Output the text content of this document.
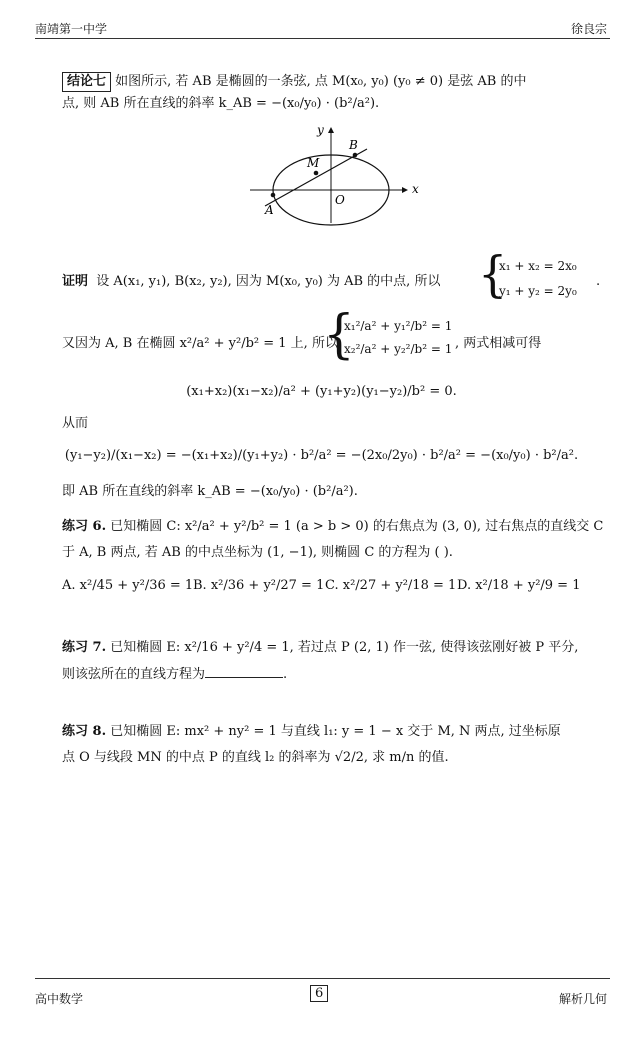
南靖第一中学	徐良宗
结论七 如图所示, 若 AB 是椭圆的一条弦, 点 M(x₀, y₀) (y₀ ≠ 0) 是弦 AB 的中
点, 则 AB 所在直线的斜率 k_AB = −(x₀/y₀) · (b²/a²).
x
y
B
M
A
O
证明 设 A(x₁, y₁), B(x₂, y₂), 因为 M(x₀, y₀) 为 AB 的中点, 所以 {
x₁ + x₂ = 2x₀
y₁ + y₂ = 2y₀
.
又因为 A, B 在椭圆 x²/a² + y²/b² = 1 上, 所以
{
x₁²/a² + y₁²/b² = 1
x₂²/a² + y₂²/b² = 1 , 两式相减可得
(x₁+x₂)(x₁−x₂)/a² + (y₁+y₂)(y₁−y₂)/b² = 0.
从而
(y₁−y₂)/(x₁−x₂) = −(x₁+x₂)/(y₁+y₂) · b²/a² = −(2x₀/2y₀) · b²/a² = −(x₀/y₀) · b²/a².
即 AB 所在直线的斜率 k_AB = −(x₀/y₀) · (b²/a²).
练习 6. 已知椭圆 C: x²/a² + y²/b² = 1 (a > b > 0) 的右焦点为 (3, 0), 过右焦点的直线交 C
于 A, B 两点, 若 AB 的中点坐标为 (1, −1), 则椭圆 C 的方程为 ( ).
A. x²/45 + y²/36 = 1 B. x²/36 + y²/27 = 1 C. x²/27 + y²/18 = 1 D. x²/18 + y²/9 = 1
练习 7. 已知椭圆 E: x²/16 + y²/4 = 1, 若过点 P (2, 1) 作一弦, 使得该弦刚好被 P 平分,
则该弦所在的直线方程为	.
练习 8. 已知椭圆 E: mx² + ny² = 1 与直线 l₁: y = 1 − x 交于 M, N 两点, 过坐标原
点 O 与线段 MN 的中点 P 的直线 l₂ 的斜率为 √2/2, 求 m/n 的值.
高中数学	6	解析几何
